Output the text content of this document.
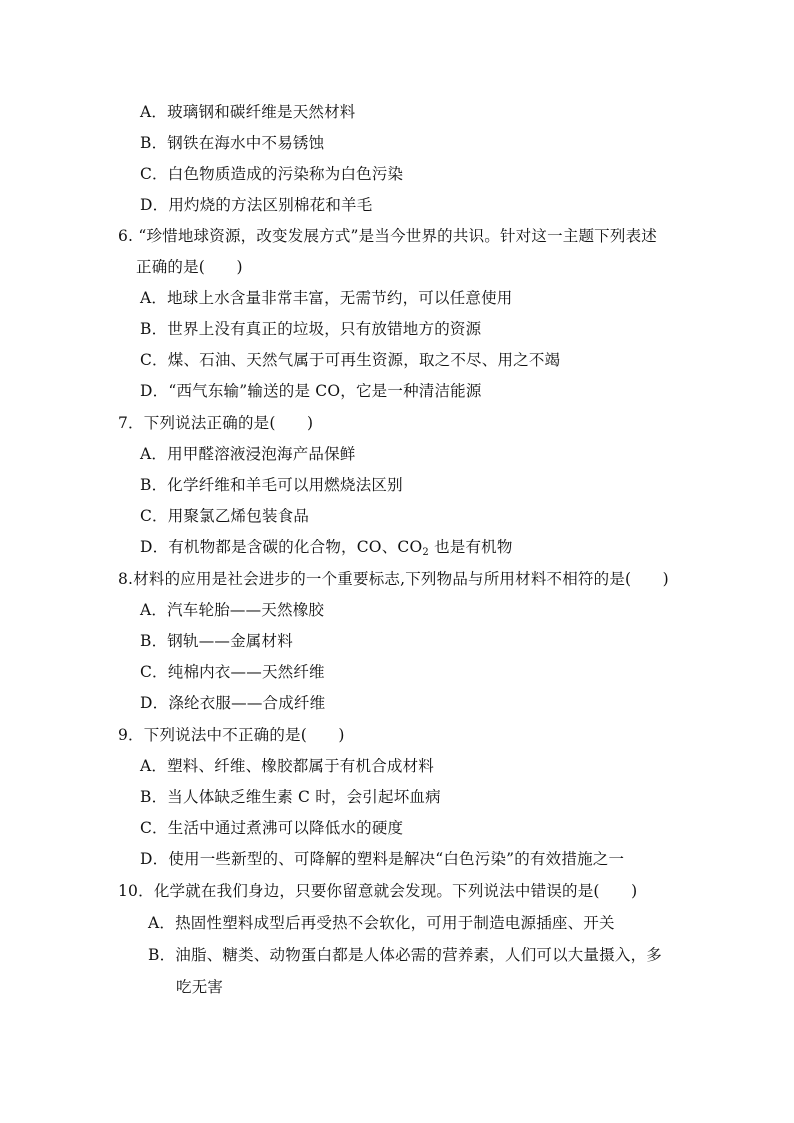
A．玻璃钢和碳纤维是天然材料
B．钢铁在海水中不易锈蚀
C．白色物质造成的污染称为白色污染
D．用灼烧的方法区别棉花和羊毛
6. “珍惜地球资源，改变发展方式”是当今世界的共识。针对这一主题下列表述
正确的是(　　)
A．地球上水含量非常丰富，无需节约，可以任意使用
B．世界上没有真正的垃圾，只有放错地方的资源
C．煤、石油、天然气属于可再生资源，取之不尽、用之不竭
D．“西气东输”输送的是 CO，它是一种清洁能源
7．下列说法正确的是(　　)
A．用甲醛溶液浸泡海产品保鲜
B．化学纤维和羊毛可以用燃烧法区别
C．用聚氯乙烯包装食品
D．有机物都是含碳的化合物，CO、$CO_2$ 也是有机物
8.材料的应用是社会进步的一个重要标志,下列物品与所用材料不相符的是(　　)
A．汽车轮胎——天然橡胶
B．钢轨——金属材料
C．纯棉内衣——天然纤维
D．涤纶衣服——合成纤维
9．下列说法中不正确的是(　　)
A．塑料、纤维、橡胶都属于有机合成材料
B．当人体缺乏维生素 C 时，会引起坏血病
C．生活中通过煮沸可以降低水的硬度
D．使用一些新型的、可降解的塑料是解决“白色污染”的有效措施之一
10．化学就在我们身边，只要你留意就会发现。下列说法中错误的是(　　)
A．热固性塑料成型后再受热不会软化，可用于制造电源插座、开关
B．油脂、糖类、动物蛋白都是人体必需的营养素，人们可以大量摄入，多
吃无害
